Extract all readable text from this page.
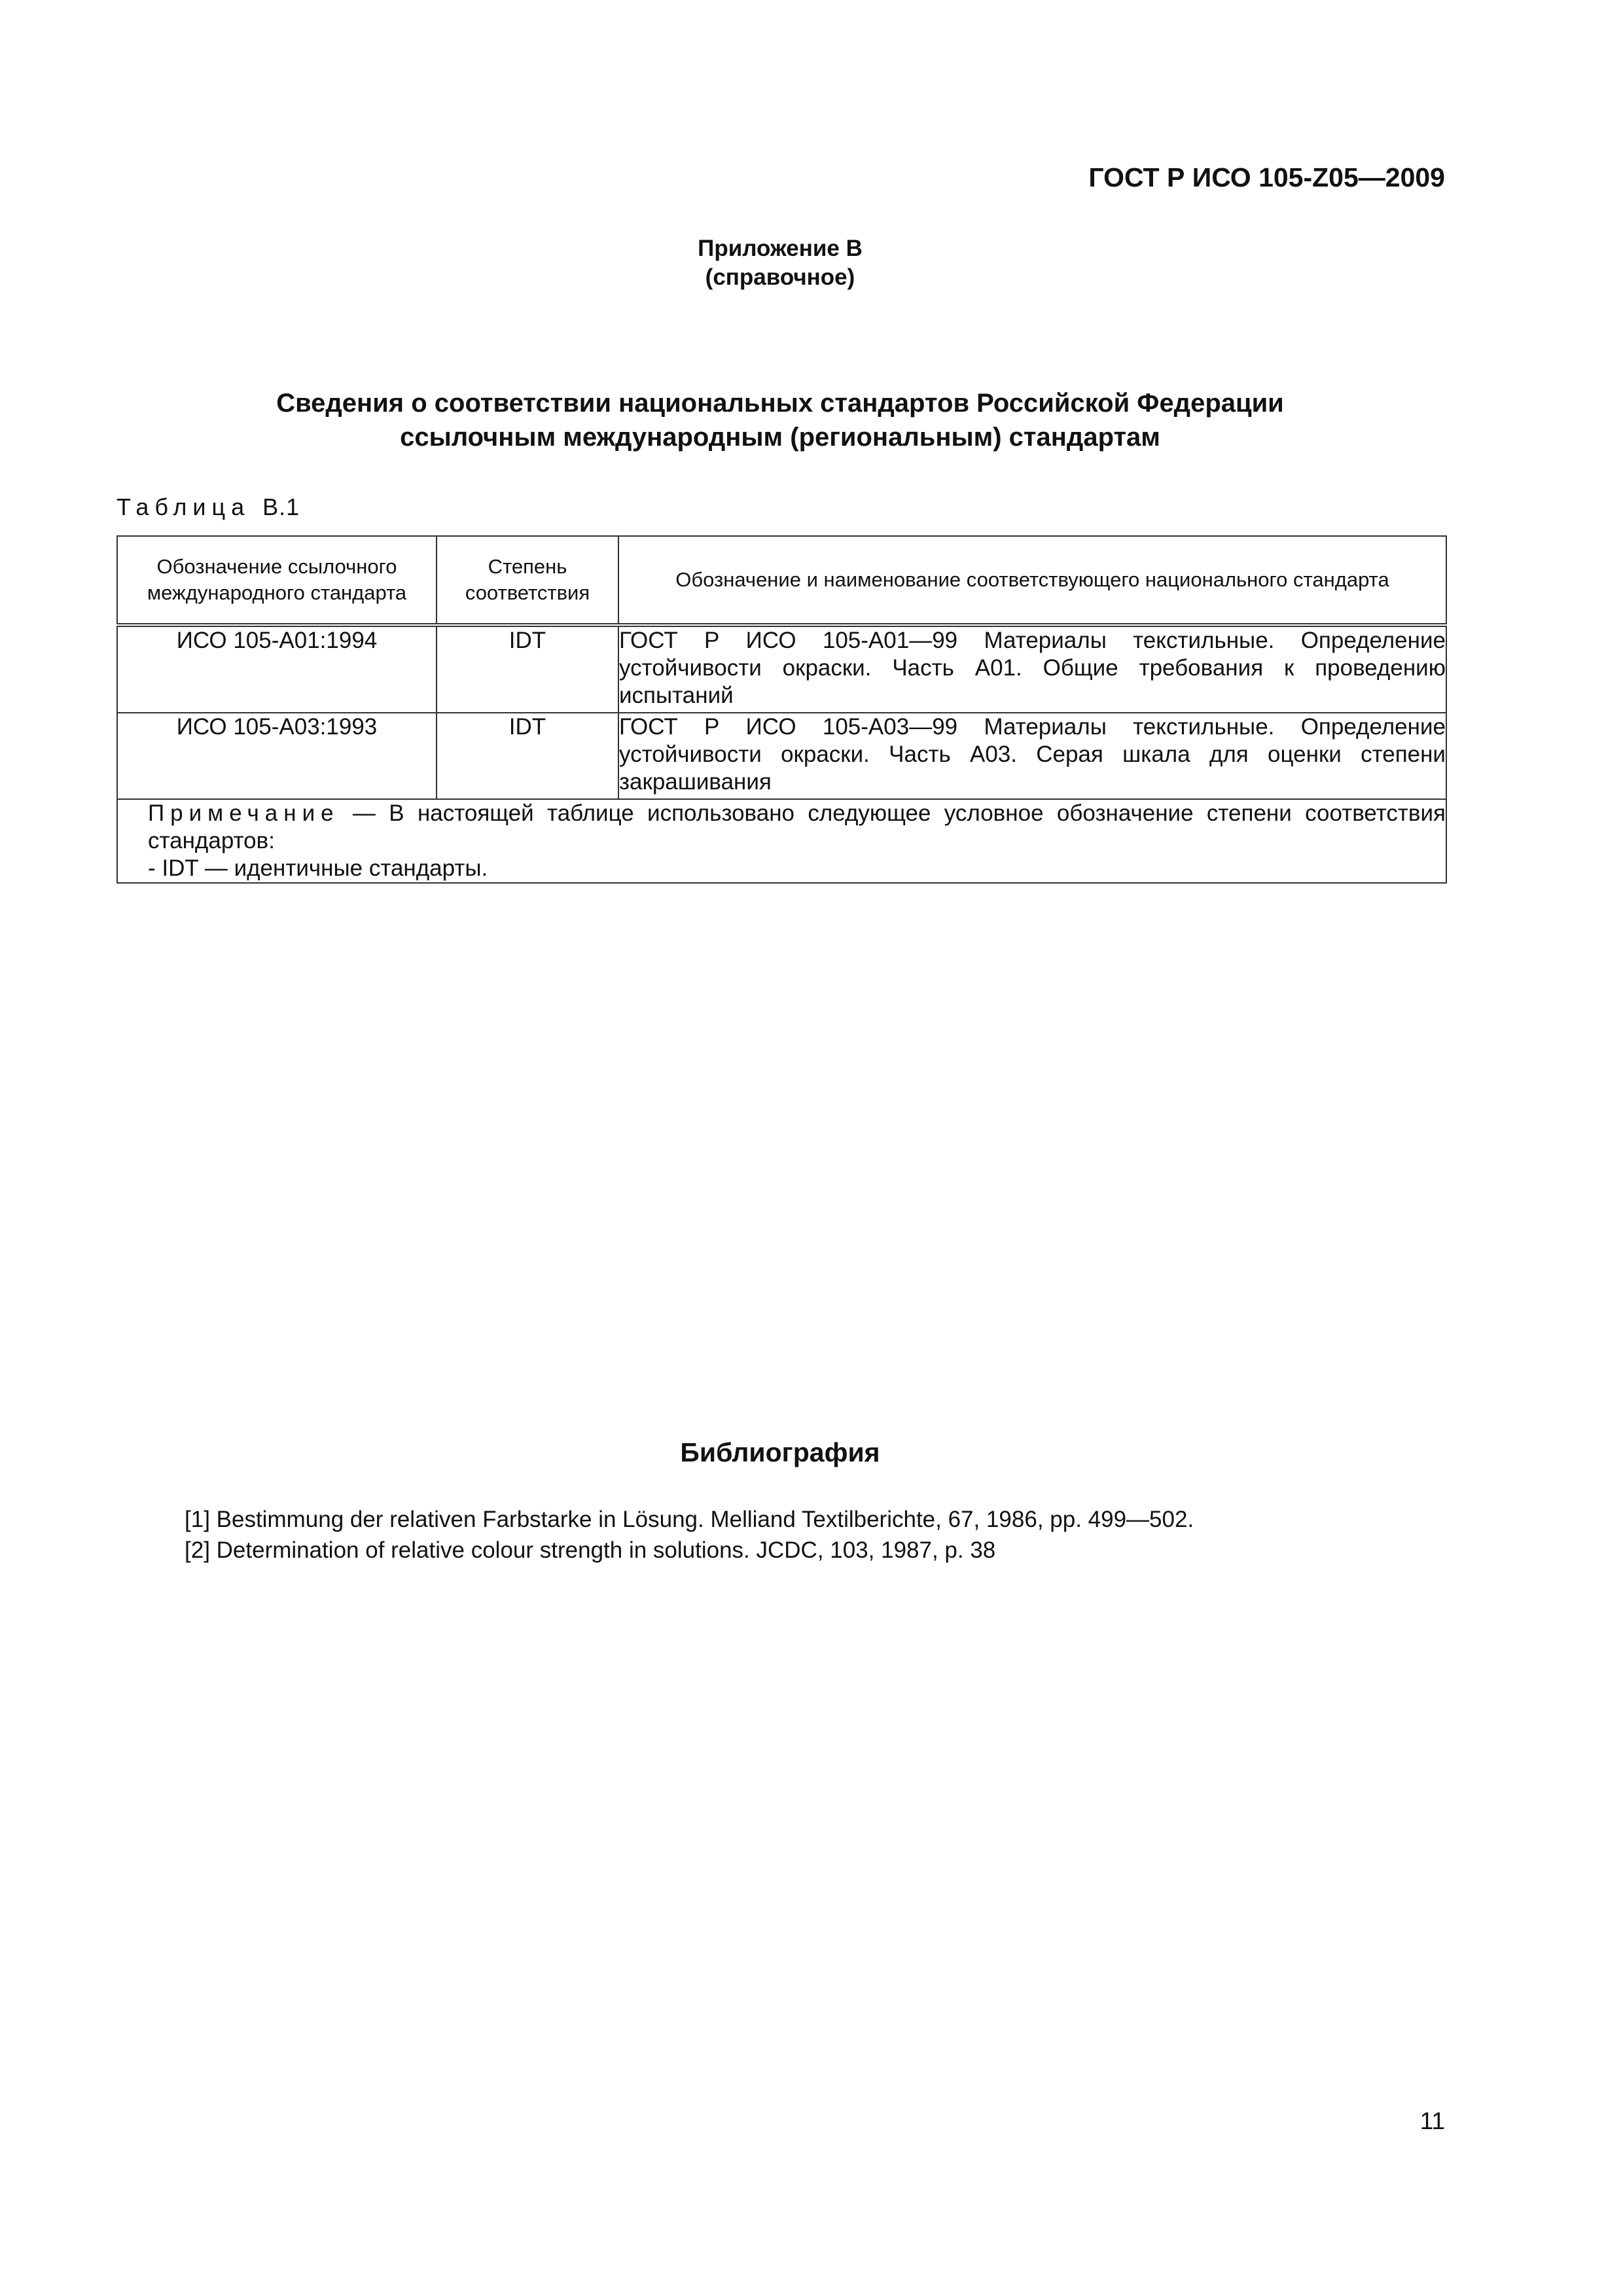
ГОСТ Р ИСО 105-Z05—2009
Приложение В
(справочное)
Сведения о соответствии национальных стандартов Российской Федерации
ссылочным международным (региональным) стандартам
Таблица В.1
Обозначение ссылочного международного стандарта	Степень соответствия	Обозначение и наименование соответствующего национального стандарта
ИСО 105-A01:1994	IDT	ГОСТ Р ИСО 105-А01—99 Материалы текстильные. Определение устойчивости окраски. Часть А01. Общие требования к проведению испытаний
ИСО 105-A03:1993	IDT	ГОСТ Р ИСО 105-А03—99 Материалы текстильные. Определение устойчивости окраски. Часть А03. Серая шкала для оценки степени закрашивания

Примечание — В настоящей таблице использовано следующее условное обозначение степени соответствия стандартов:
- IDT — идентичные стандарты.		
Библиография
[1] Bestimmung der relativen Farbstarke in Lösung. Melliand Textilberichte, 67, 1986, pp. 499—502.
[2] Determination of relative colour strength in solutions. JCDC, 103, 1987, p. 38
11
